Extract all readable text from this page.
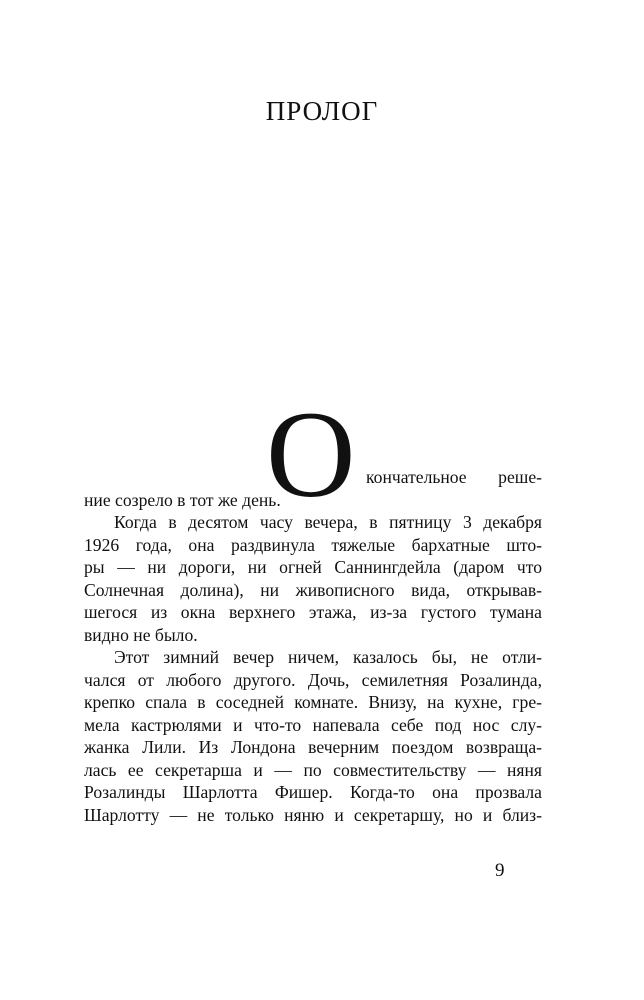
ПРОЛОГ
О кончательное реше-
ние созрело в тот же день.
Когда в десятом часу вечера, в пятницу 3 декабря
1926 года, она раздвинула тяжелые бархатные што-
ры — ни дороги, ни огней Саннингдейла (даром что
Солнечная долина), ни живописного вида, открывав-
шегося из окна верхнего этажа, из-за густого тумана
видно не было.
Этот зимний вечер ничем, казалось бы, не отли-
чался от любого другого. Дочь, семилетняя Розалинда,
крепко спала в соседней комнате. Внизу, на кухне, гре-
мела кастрюлями и что-то напевала себе под нос слу-
жанка Лили. Из Лондона вечерним поездом возвраща-
лась ее секретарша и — по совместительству — няня
Розалинды Шарлотта Фишер. Когда-то она прозвала
Шарлотту — не только няню и секретаршу, но и близ-
9
